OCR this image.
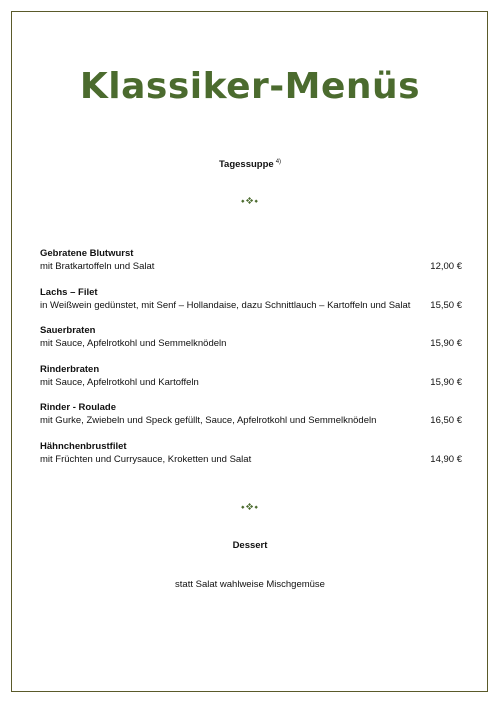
Klassiker-Menüs
Tagessuppe $^{4)}$
⬩❖⬩
Gebratene Blutwurst
mit Bratkartoffeln und Salat	12,00 €
Lachs – Filet
in Weißwein gedünstet, mit Senf – Hollandaise, dazu Schnittlauch – Kartoffeln und Salat 15,50 €
Sauerbraten
mit Sauce, Apfelrotkohl und Semmelknödeln	15,90 €
Rinderbraten
mit Sauce, Apfelrotkohl und Kartoffeln	15,90 €
Rinder - Roulade
mit Gurke, Zwiebeln und Speck gefüllt, Sauce, Apfelrotkohl und Semmelknödeln	16,50 €
Hähnchenbrustfilet
mit Früchten und Currysauce, Kroketten und Salat	14,90 €
⬩❖⬩
Dessert
statt Salat wahlweise Mischgemüse
